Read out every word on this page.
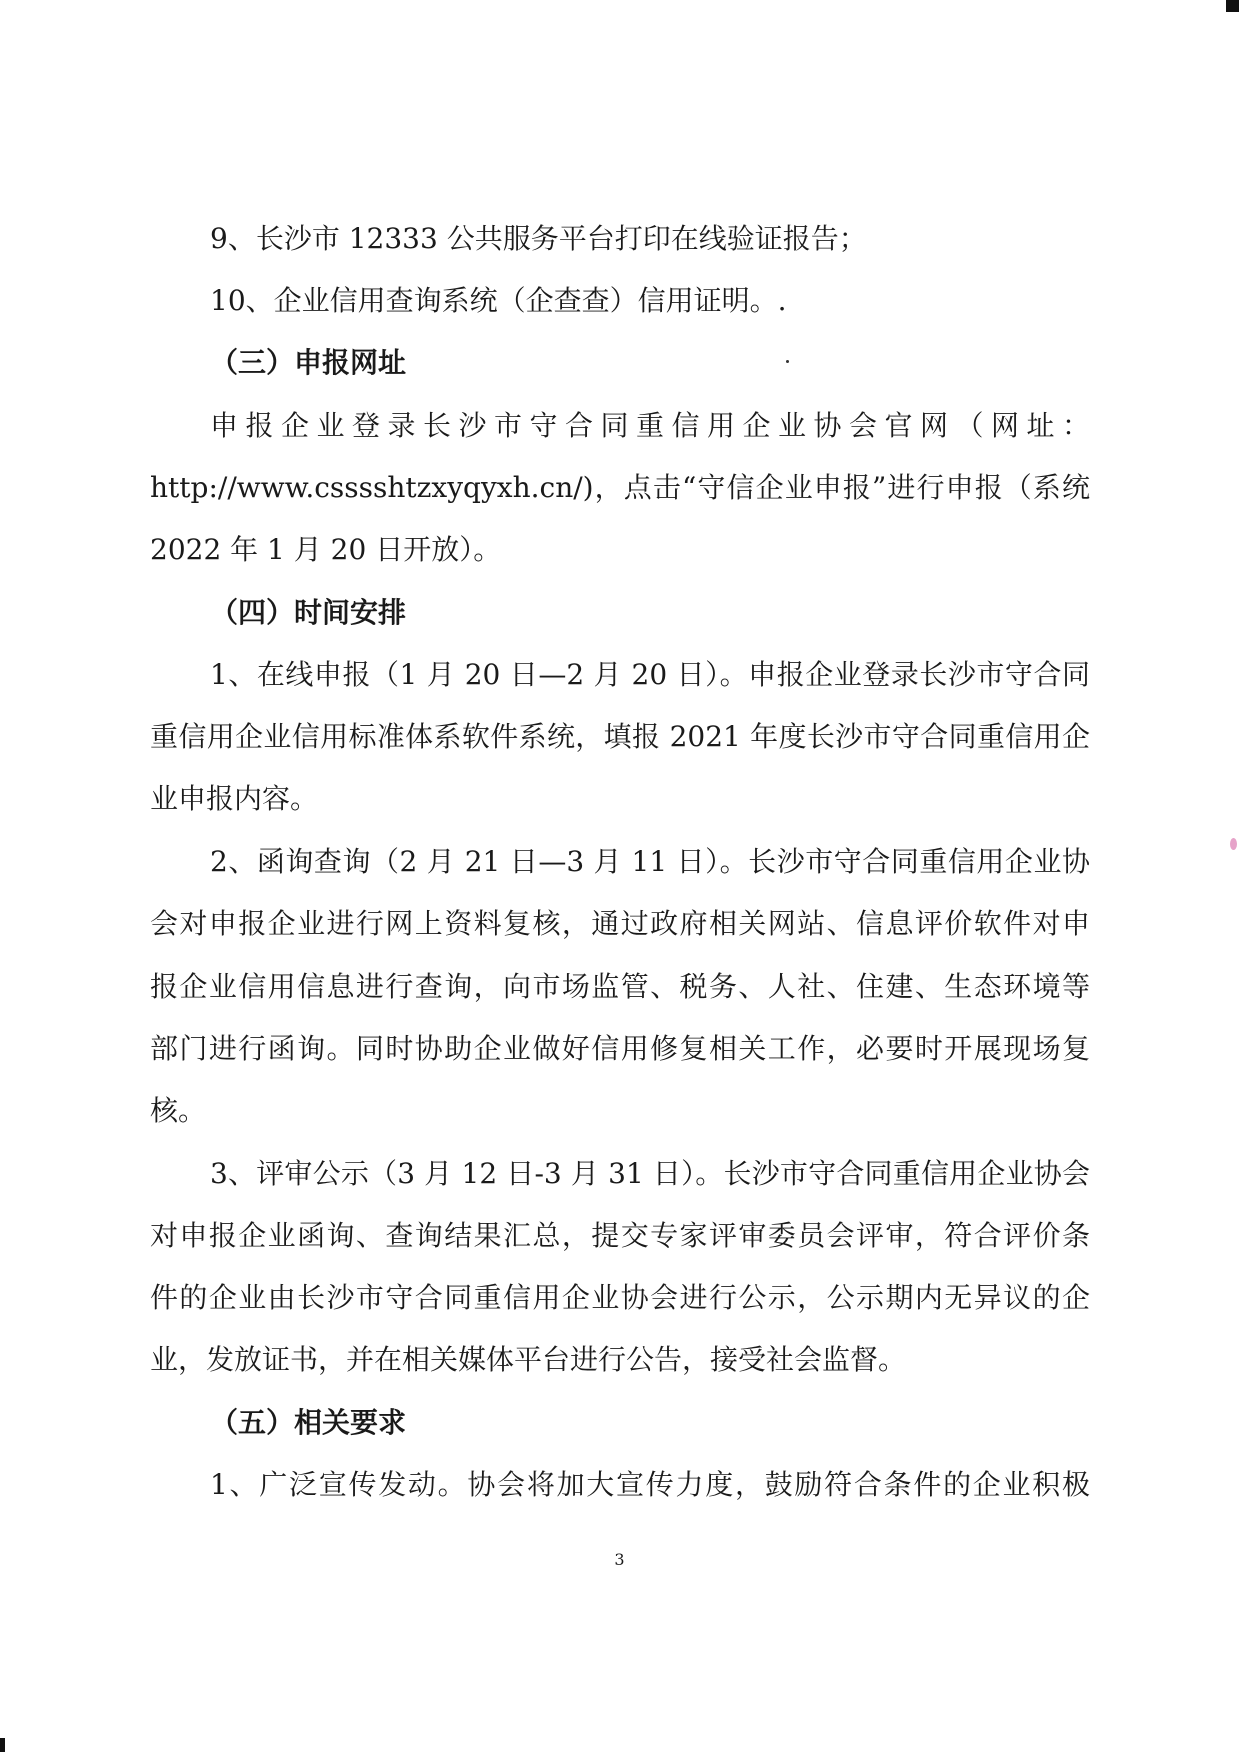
9、长沙市 12333 公共服务平台打印在线验证报告；
10、企业信用查询系统（企查查）信用证明。.
（三）申报网址
申报企业登录长沙市守合同重信用企业协会官网（网址：
http://www.csssshtzxyqyxh.cn/)，点击“守信企业申报”进行申报（系统
2022 年 1 月 20 日开放）。
（四）时间安排
1、在线申报（1 月 20 日—2 月 20 日）。申报企业登录长沙市守合同
重信用企业信用标准体系软件系统，填报 2021 年度长沙市守合同重信用企
业申报内容。
2、函询查询（2 月 21 日—3 月 11 日）。长沙市守合同重信用企业协
会对申报企业进行网上资料复核，通过政府相关网站、信息评价软件对申
报企业信用信息进行查询，向市场监管、税务、人社、住建、生态环境等
部门进行函询。同时协助企业做好信用修复相关工作，必要时开展现场复
核。
3、评审公示（3 月 12 日-3 月 31 日）。长沙市守合同重信用企业协会
对申报企业函询、查询结果汇总，提交专家评审委员会评审，符合评价条
件的企业由长沙市守合同重信用企业协会进行公示，公示期内无异议的企
业，发放证书，并在相关媒体平台进行公告，接受社会监督。
（五）相关要求
1、广泛宣传发动。协会将加大宣传力度，鼓励符合条件的企业积极
3
